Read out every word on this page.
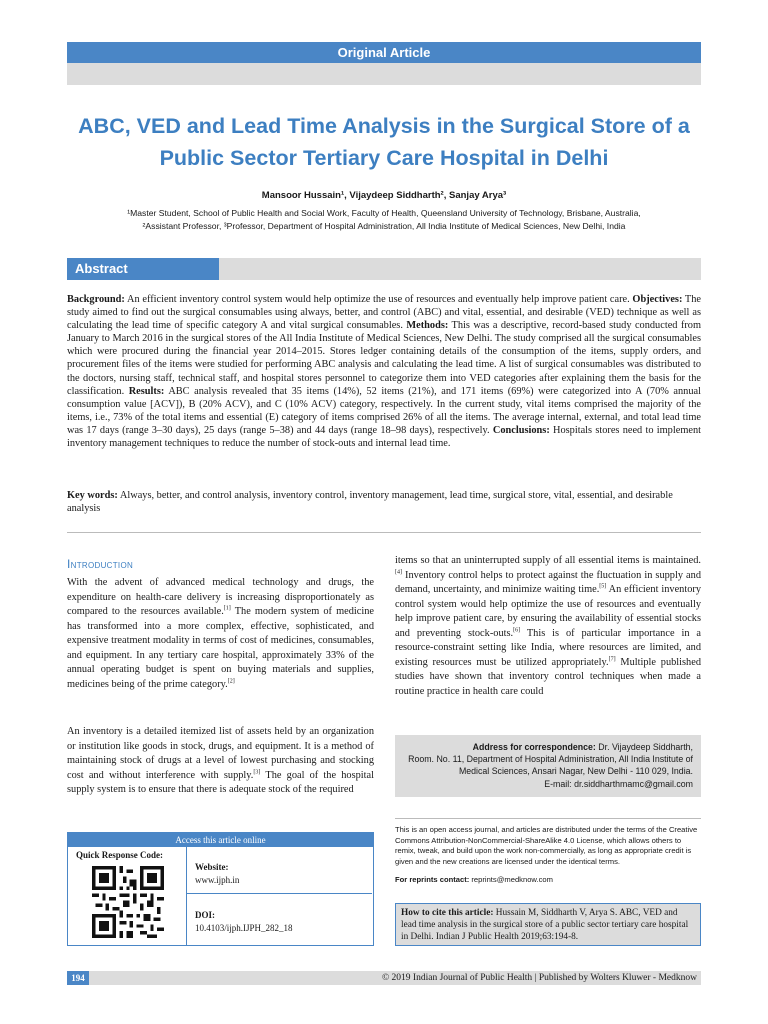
Original Article
ABC, VED and Lead Time Analysis in the Surgical Store of a
Public Sector Tertiary Care Hospital in Delhi
Mansoor Hussain¹, Vijaydeep Siddharth², Sanjay Arya³
¹Master Student, School of Public Health and Social Work, Faculty of Health, Queensland University of Technology, Brisbane, Australia,
²Assistant Professor, ³Professor, Department of Hospital Administration, All India Institute of Medical Sciences, New Delhi, India
Abstract
Background: An efficient inventory control system would help optimize the use of resources and eventually help improve patient care. Objectives: The study aimed to find out the surgical consumables using always, better, and control (ABC) and vital, essential, and desirable (VED) technique as well as calculating the lead time of specific category A and vital surgical consumables. Methods: This was a descriptive, record-based study conducted from January to March 2016 in the surgical stores of the All India Institute of Medical Sciences, New Delhi. The study comprised all the surgical consumables which were procured during the financial year 2014–2015. Stores ledger containing details of the consumption of the items, supply orders, and procurement files of the items were studied for performing ABC analysis and calculating the lead time. A list of surgical consumables was distributed to the doctors, nursing staff, technical staff, and hospital stores personnel to categorize them into VED categories after explaining them the basis for the classification. Results: ABC analysis revealed that 35 items (14%), 52 items (21%), and 171 items (69%) were categorized into A (70% annual consumption value [ACV]), B (20% ACV), and C (10% ACV) category, respectively. In the current study, vital items comprised the majority of the items, i.e., 73% of the total items and essential (E) category of items comprised 26% of all the items. The average internal, external, and total lead time was 17 days (range 3–30 days), 25 days (range 5–38) and 44 days (range 18–98 days), respectively. Conclusions: Hospitals stores need to implement inventory management techniques to reduce the number of stock-outs and internal lead time.
Key words: Always, better, and control analysis, inventory control, inventory management, lead time, surgical store, vital, essential, and desirable analysis
Introduction

With the advent of advanced medical technology and drugs, the expenditure on health-care delivery is increasing disproportionately as compared to the resources available.[1] The modern system of medicine has transformed into a more complex, effective, sophisticated, and expensive treatment modality in terms of cost of medicines, consumables, and equipment. In any tertiary care hospital, approximately 33% of the annual operating budget is spent on buying materials and supplies, medicines being of the prime category.[2]

An inventory is a detailed itemized list of assets held by an organization or institution like goods in stock, drugs, and equipment. It is a method of maintaining stock of drugs at a level of lowest purchasing and stocking cost and without interference with supply.[3] The goal of the hospital supply system is to ensure that there is adequate stock of the required

items so that an uninterrupted supply of all essential items is maintained.[4] Inventory control helps to protect against the fluctuation in supply and demand, uncertainty, and minimize waiting time.[5] An efficient inventory control system would help optimize the use of resources and eventually help improve patient care, by ensuring the availability of essential stocks and preventing stock-outs.[6] This is of particular importance in a resource-constraint setting like India, where resources are limited, and existing resources must be utilized appropriately.[7] Multiple published studies have shown that inventory control techniques when made a routine practice in health care could

Address for correspondence: Dr. Vijaydeep Siddharth,
Room. No. 11, Department of Hospital Administration, All India Institute of
Medical Sciences, Ansari Nagar, New Delhi - 110 029, India.
E-mail: dr.siddharthmamc@gmail.com
Access this article online
Quick Response Code:
Website:
www.ijph.in
DOI:
10.4103/ijph.IJPH_282_18
This is an open access journal, and articles are distributed under the terms of the Creative Commons Attribution-NonCommercial-ShareAlike 4.0 License, which allows others to remix, tweak, and build upon the work non-commercially, as long as appropriate credit is given and the new creations are licensed under the identical terms.
For reprints contact: reprints@medknow.com
How to cite this article: Hussain M, Siddharth V, Arya S. ABC, VED and lead time analysis in the surgical store of a public sector tertiary care hospital in Delhi. Indian J Public Health 2019;63:194-8.
194	© 2019 Indian Journal of Public Health | Published by Wolters Kluwer - Medknow
